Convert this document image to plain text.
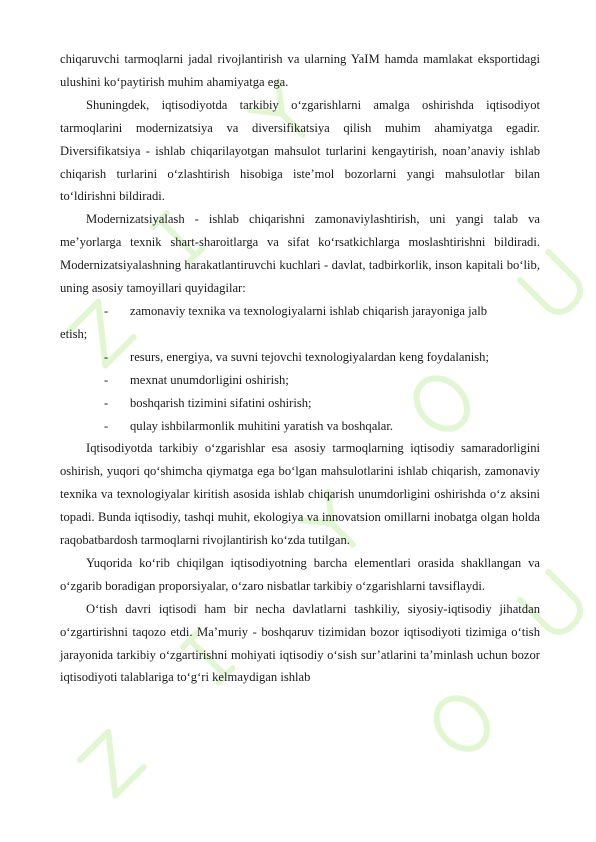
chiqaruvchi tarmoqlarni jadal rivojlantirish va ularning YaIM hamda mamlakat eksportidagi ulushini ko‘paytirish muhim ahamiyatga ega.

Shuningdek, iqtisodiyotda tarkibiy o‘zgarishlarni amalga oshirishda iqtisodiyot tarmoqlarini modernizatsiya va diversifikatsiya qilish muhim ahamiyatga egadir. Diversifikatsiya - ishlab chiqarilayotgan mahsulot turlarini kengaytirish, noan’anaviy ishlab chiqarish turlarini o‘zlashtirish hisobiga iste’mol bozorlarni yangi mahsulotlar bilan to‘ldirishni bildiradi.

Modernizatsiyalash - ishlab chiqarishni zamonaviylashtirish, uni yangi talab va me’yorlarga texnik shart-sharoitlarga va sifat ko‘rsatkichlarga moslashtirishni bildiradi. Modernizatsiyalashning harakatlantiruvchi kuchlari - davlat, tadbirkorlik, inson kapitali bo‘lib, uning asosiy tamoyillari quyidagilar:

- zamonaviy texnika va texnologiyalarni ishlab chiqarish jarayoniga jalb
etish;

- resurs, energiya, va suvni tejovchi texnologiyalardan keng foydalanish;

- mexnat unumdorligini oshirish;

- boshqarish tizimini sifatini oshirish;

- qulay ishbilarmonlik muhitini yaratish va boshqalar.

Iqtisodiyotda tarkibiy o‘zgarishlar esa asosiy tarmoqlarning iqtisodiy samaradorligini oshirish, yuqori qo‘shimcha qiymatga ega bo‘lgan mahsulotlarini ishlab chiqarish, zamonaviy texnika va texnologiyalar kiritish asosida ishlab chiqarish unumdorligini oshirishda o‘z aksini topadi. Bunda iqtisodiy, tashqi muhit, ekologiya va innovatsion omillarni inobatga olgan holda raqobatbardosh tarmoqlarni rivojlantirish ko‘zda tutilgan.

Yuqorida ko‘rib chiqilgan iqtisodiyotning barcha elementlari orasida shakllangan va o‘zgarib boradigan proporsiyalar, o‘zaro nisbatlar tarkibiy o‘zgarishlarni tavsiflaydi.

O‘tish davri iqtisodi ham bir necha davlatlarni tashkiliy, siyosiy-iqtisodiy jihatdan o‘zgartirishni taqozo etdi. Ma’muriy - boshqaruv tizimidan bozor iqtisodiyoti tizimiga o‘tish jarayonida tarkibiy o‘zgartirishni mohiyati iqtisodiy o‘sish sur’atlarini ta’minlash uchun bozor iqtisodiyoti talablariga to‘g‘ri kelmaydigan ishlab
